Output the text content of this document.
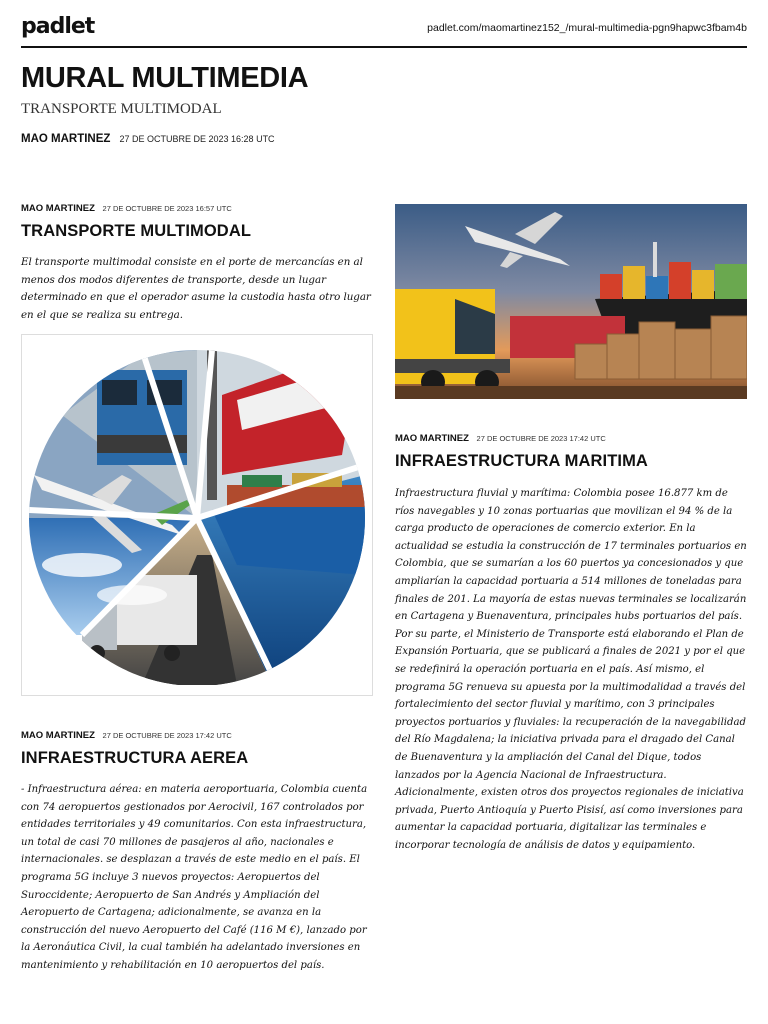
padlet	padlet.com/maomartinez152_/mural-multimedia-pgn9hapwc3fbam4b
MURAL MULTIMEDIA
TRANSPORTE MULTIMODAL
MAO MARTINEZ 27 DE OCTUBRE DE 2023 16:28 UTC
MAO MARTINEZ 27 DE OCTUBRE DE 2023 16:57 UTC
TRANSPORTE MULTIMODAL
El transporte multimodal consiste en el porte de mercancías en al menos dos modos diferentes de transporte, desde un lugar determinado en que el operador asume la custodia hasta otro lugar en el que se realiza su entrega.
MAO MARTINEZ 27 DE OCTUBRE DE 2023 17:42 UTC
INFRAESTRUCTURA AEREA
- Infraestructura aérea: en materia aeroportuaria, Colombia cuenta con 74 aeropuertos gestionados por Aerocivil, 167 controlados por entidades territoriales y 49 comunitarios. Con esta infraestructura, un total de casi 70 millones de pasajeros al año, nacionales e internacionales. se desplazan a través de este medio en el país. El programa 5G incluye 3 nuevos proyectos: Aeropuertos del Suroccidente; Aeropuerto de San Andrés y Ampliación del Aeropuerto de Cartagena; adicionalmente, se avanza en la construcción del nuevo Aeropuerto del Café (116 M €), lanzado por la Aeronáutica Civil, la cual también ha adelantado inversiones en mantenimiento y rehabilitación en 10 aeropuertos del país.
MAO MARTINEZ 27 DE OCTUBRE DE 2023 17:42 UTC
INFRAESTRUCTURA MARITIMA
Infraestructura fluvial y marítima: Colombia posee 16.877 km de ríos navegables y 10 zonas portuarias que movilizan el 94 % de la carga producto de operaciones de comercio exterior. En la actualidad se estudia la construcción de 17 terminales portuarios en Colombia, que se sumarían a los 60 puertos ya concesionados y que ampliarían la capacidad portuaria a 514 millones de toneladas para finales de 201. La mayoría de estas nuevas terminales se localizarán en Cartagena y Buenaventura, principales hubs portuarios del país. Por su parte, el Ministerio de Transporte está elaborando el Plan de Expansión Portuaria, que se publicará a finales de 2021 y por el que se redefinirá la operación portuaria en el país. Así mismo, el programa 5G renueva su apuesta por la multimodalidad a través del fortalecimiento del sector fluvial y marítimo, con 3 principales proyectos portuarios y fluviales: la recuperación de la navegabilidad del Río Magdalena; la iniciativa privada para el dragado del Canal de Buenaventura y la ampliación del Canal del Dique, todos lanzados por la Agencia Nacional de Infraestructura. Adicionalmente, existen otros dos proyectos regionales de iniciativa privada, Puerto Antioquía y Puerto Pisisí, así como inversiones para aumentar la capacidad portuaria, digitalizar las terminales e incorporar tecnología de análisis de datos y equipamiento.
